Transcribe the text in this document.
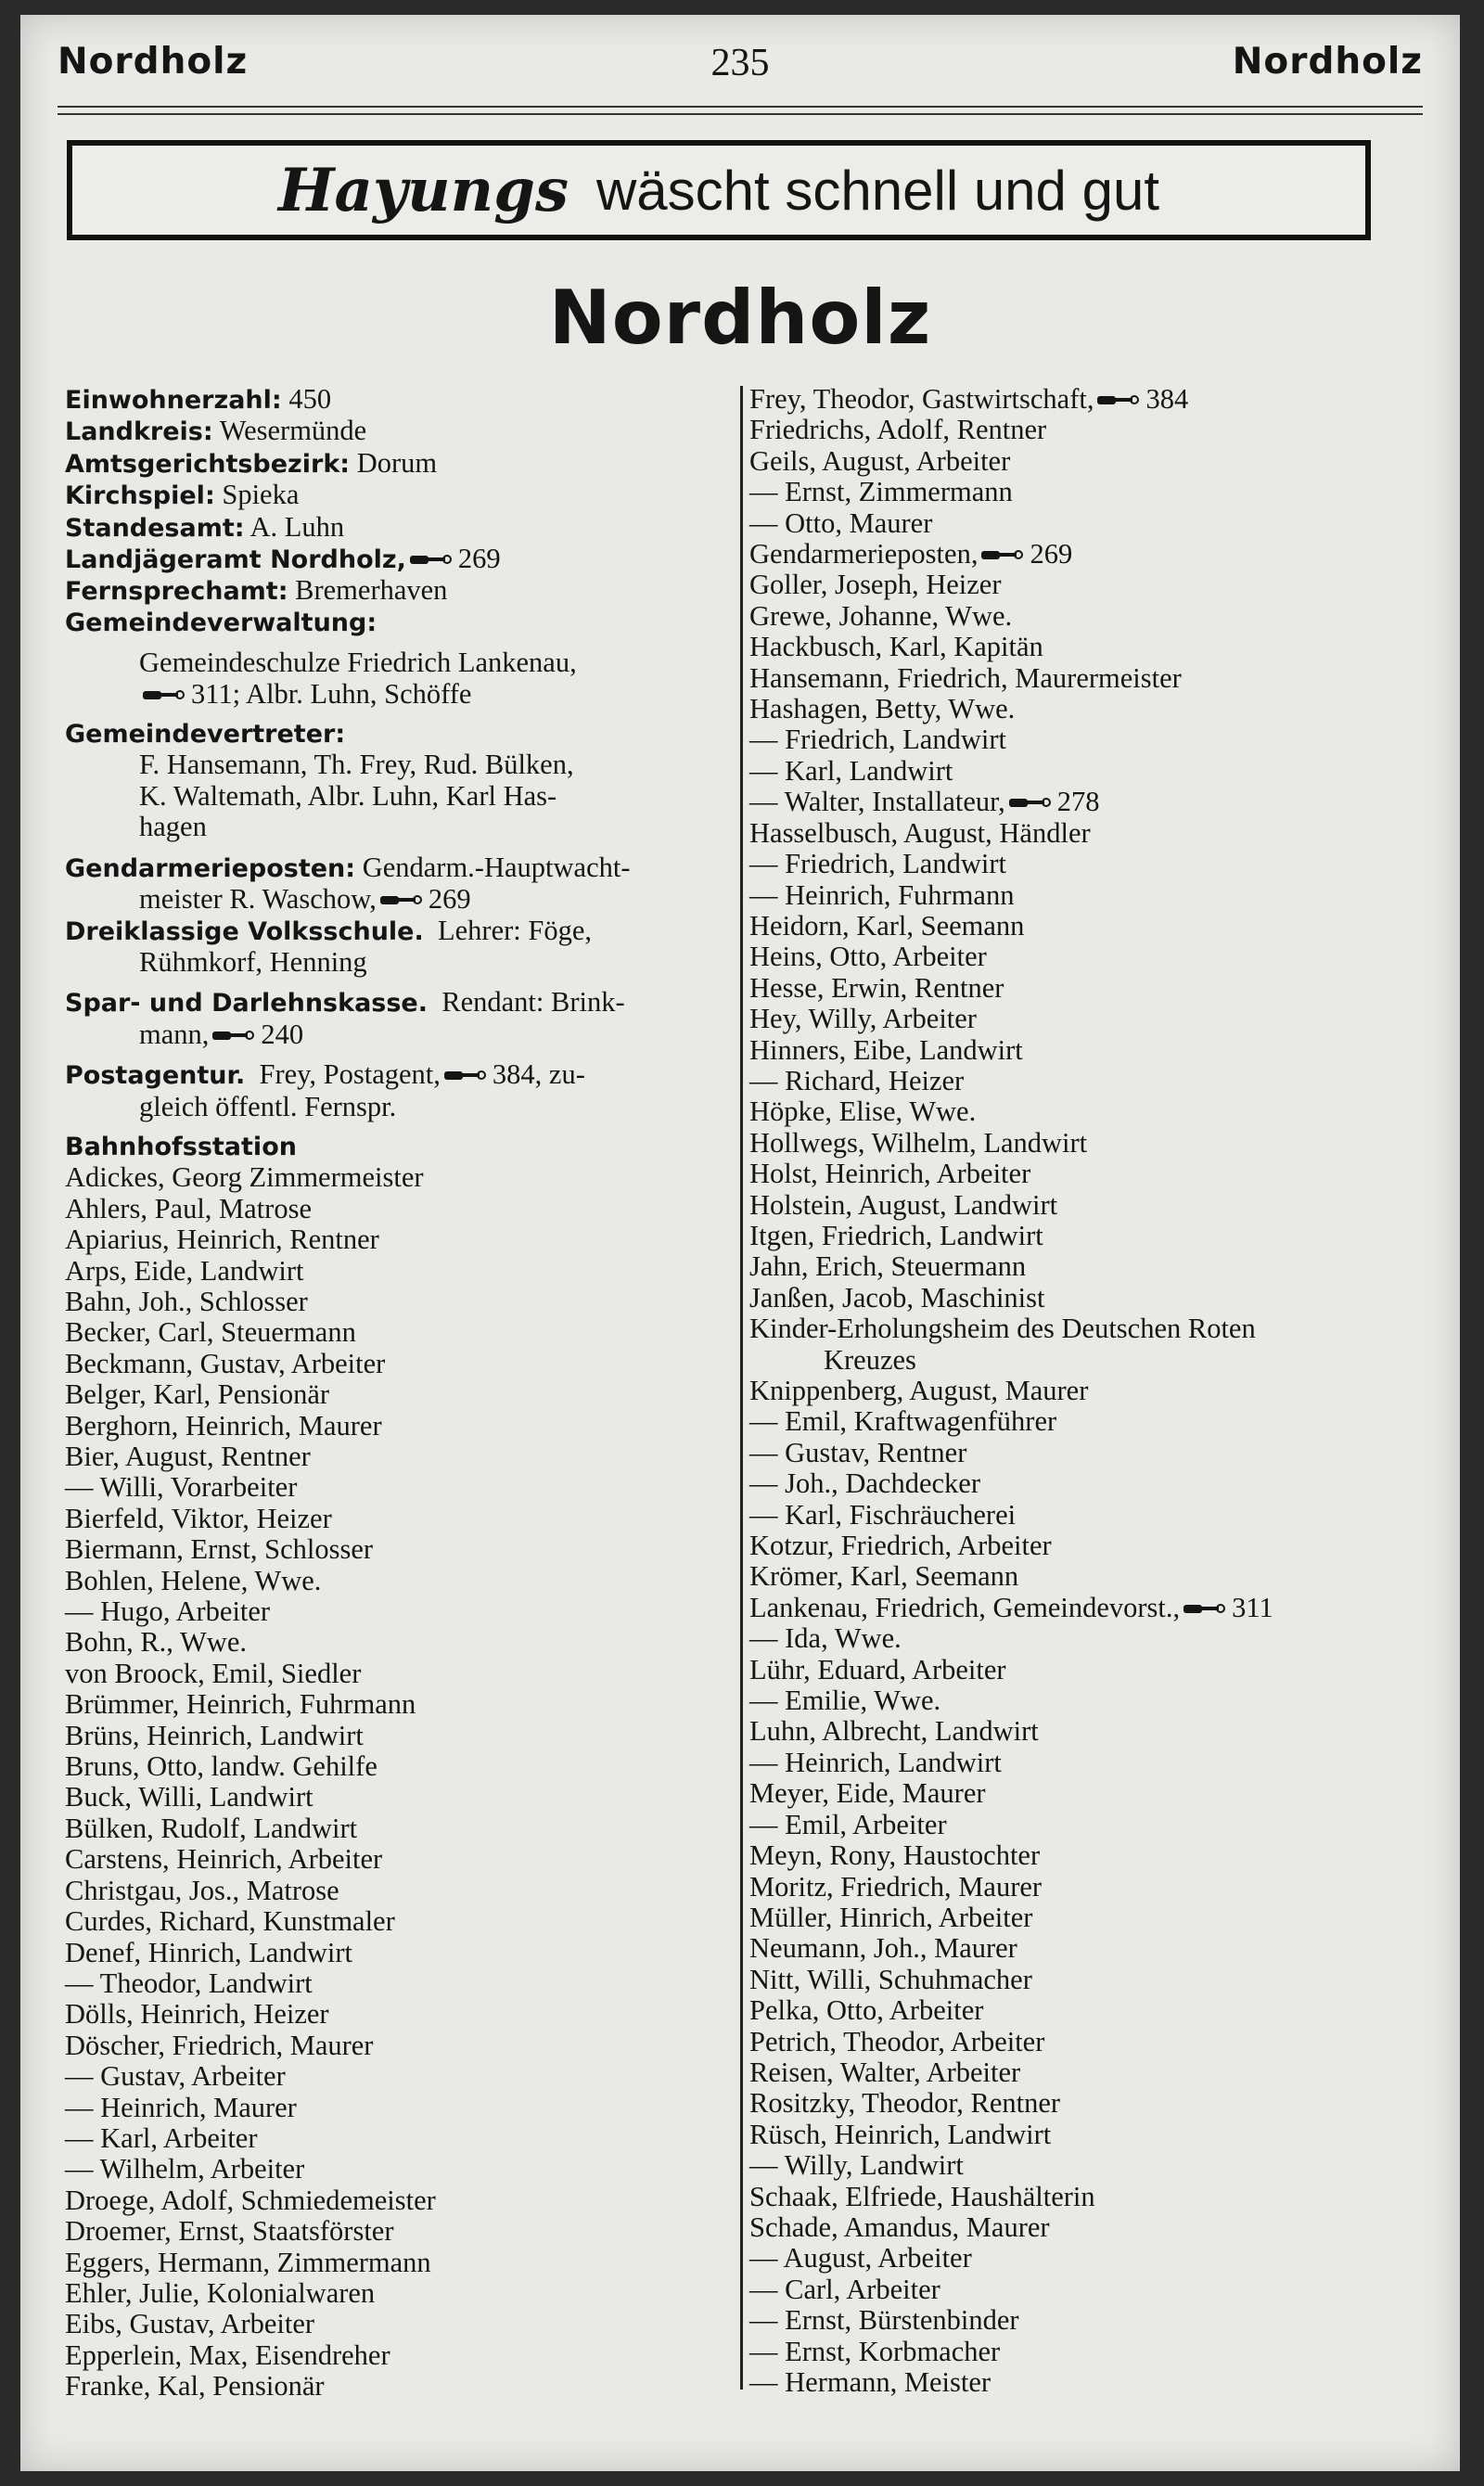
Nordholz	235	Nordholz
Hayungs wäscht schnell und gut
Nordholz
Einwohnerzahl: 450
Landkreis: Wesermünde
Amtsgerichtsbezirk: Dorum
Kirchspiel: Spieka
Standesamt: A. Luhn
Landjägeramt Nordholz, 269
Fernsprechamt: Bremerhaven
Gemeindeverwaltung:
Gemeindeschulze Friedrich Lankenau,
311; Albr. Luhn, Schöffe
Gemeindevertreter:
F. Hansemann, Th. Frey, Rud. Bülken,
K. Waltemath, Albr. Luhn, Karl Has-
hagen
Gendarmerieposten: Gendarm.-Hauptwacht-
meister R. Waschow, 269
Dreiklassige Volksschule. Lehrer: Föge,
Rühmkorf, Henning
Spar- und Darlehnskasse. Rendant: Brink-
mann, 240
Postagentur. Frey, Postagent, 384, zu-
gleich öffentl. Fernspr.
Bahnhofsstation
Adickes, Georg Zimmermeister
Ahlers, Paul, Matrose
Apiarius, Heinrich, Rentner
Arps, Eide, Landwirt
Bahn, Joh., Schlosser
Becker, Carl, Steuermann
Beckmann, Gustav, Arbeiter
Belger, Karl, Pensionär
Berghorn, Heinrich, Maurer
Bier, August, Rentner
— Willi, Vorarbeiter
Bierfeld, Viktor, Heizer
Biermann, Ernst, Schlosser
Bohlen, Helene, Wwe.
— Hugo, Arbeiter
Bohn, R., Wwe.
von Broock, Emil, Siedler
Brümmer, Heinrich, Fuhrmann
Brüns, Heinrich, Landwirt
Bruns, Otto, landw. Gehilfe
Buck, Willi, Landwirt
Bülken, Rudolf, Landwirt
Carstens, Heinrich, Arbeiter
Christgau, Jos., Matrose
Curdes, Richard, Kunstmaler
Denef, Hinrich, Landwirt
— Theodor, Landwirt
Dölls, Heinrich, Heizer
Döscher, Friedrich, Maurer
— Gustav, Arbeiter
— Heinrich, Maurer
— Karl, Arbeiter
— Wilhelm, Arbeiter
Droege, Adolf, Schmiedemeister
Droemer, Ernst, Staatsförster
Eggers, Hermann, Zimmermann
Ehler, Julie, Kolonialwaren
Eibs, Gustav, Arbeiter
Epperlein, Max, Eisendreher
Franke, Kal, Pensionär
Frey, Theodor, Gastwirtschaft, 384
Friedrichs, Adolf, Rentner
Geils, August, Arbeiter
— Ernst, Zimmermann
— Otto, Maurer
Gendarmerieposten, 269
Goller, Joseph, Heizer
Grewe, Johanne, Wwe.
Hackbusch, Karl, Kapitän
Hansemann, Friedrich, Maurermeister
Hashagen, Betty, Wwe.
— Friedrich, Landwirt
— Karl, Landwirt
— Walter, Installateur, 278
Hasselbusch, August, Händler
— Friedrich, Landwirt
— Heinrich, Fuhrmann
Heidorn, Karl, Seemann
Heins, Otto, Arbeiter
Hesse, Erwin, Rentner
Hey, Willy, Arbeiter
Hinners, Eibe, Landwirt
— Richard, Heizer
Höpke, Elise, Wwe.
Hollwegs, Wilhelm, Landwirt
Holst, Heinrich, Arbeiter
Holstein, August, Landwirt
Itgen, Friedrich, Landwirt
Jahn, Erich, Steuermann
Janßen, Jacob, Maschinist
Kinder-Erholungsheim des Deutschen Roten
Kreuzes
Knippenberg, August, Maurer
— Emil, Kraftwagenführer
— Gustav, Rentner
— Joh., Dachdecker
— Karl, Fischräucherei
Kotzur, Friedrich, Arbeiter
Krömer, Karl, Seemann
Lankenau, Friedrich, Gemeindevorst., 311
— Ida, Wwe.
Lühr, Eduard, Arbeiter
— Emilie, Wwe.
Luhn, Albrecht, Landwirt
— Heinrich, Landwirt
Meyer, Eide, Maurer
— Emil, Arbeiter
Meyn, Rony, Haustochter
Moritz, Friedrich, Maurer
Müller, Hinrich, Arbeiter
Neumann, Joh., Maurer
Nitt, Willi, Schuhmacher
Pelka, Otto, Arbeiter
Petrich, Theodor, Arbeiter
Reisen, Walter, Arbeiter
Rositzky, Theodor, Rentner
Rüsch, Heinrich, Landwirt
— Willy, Landwirt
Schaak, Elfriede, Haushälterin
Schade, Amandus, Maurer
— August, Arbeiter
— Carl, Arbeiter
— Ernst, Bürstenbinder
— Ernst, Korbmacher
— Hermann, Meister
